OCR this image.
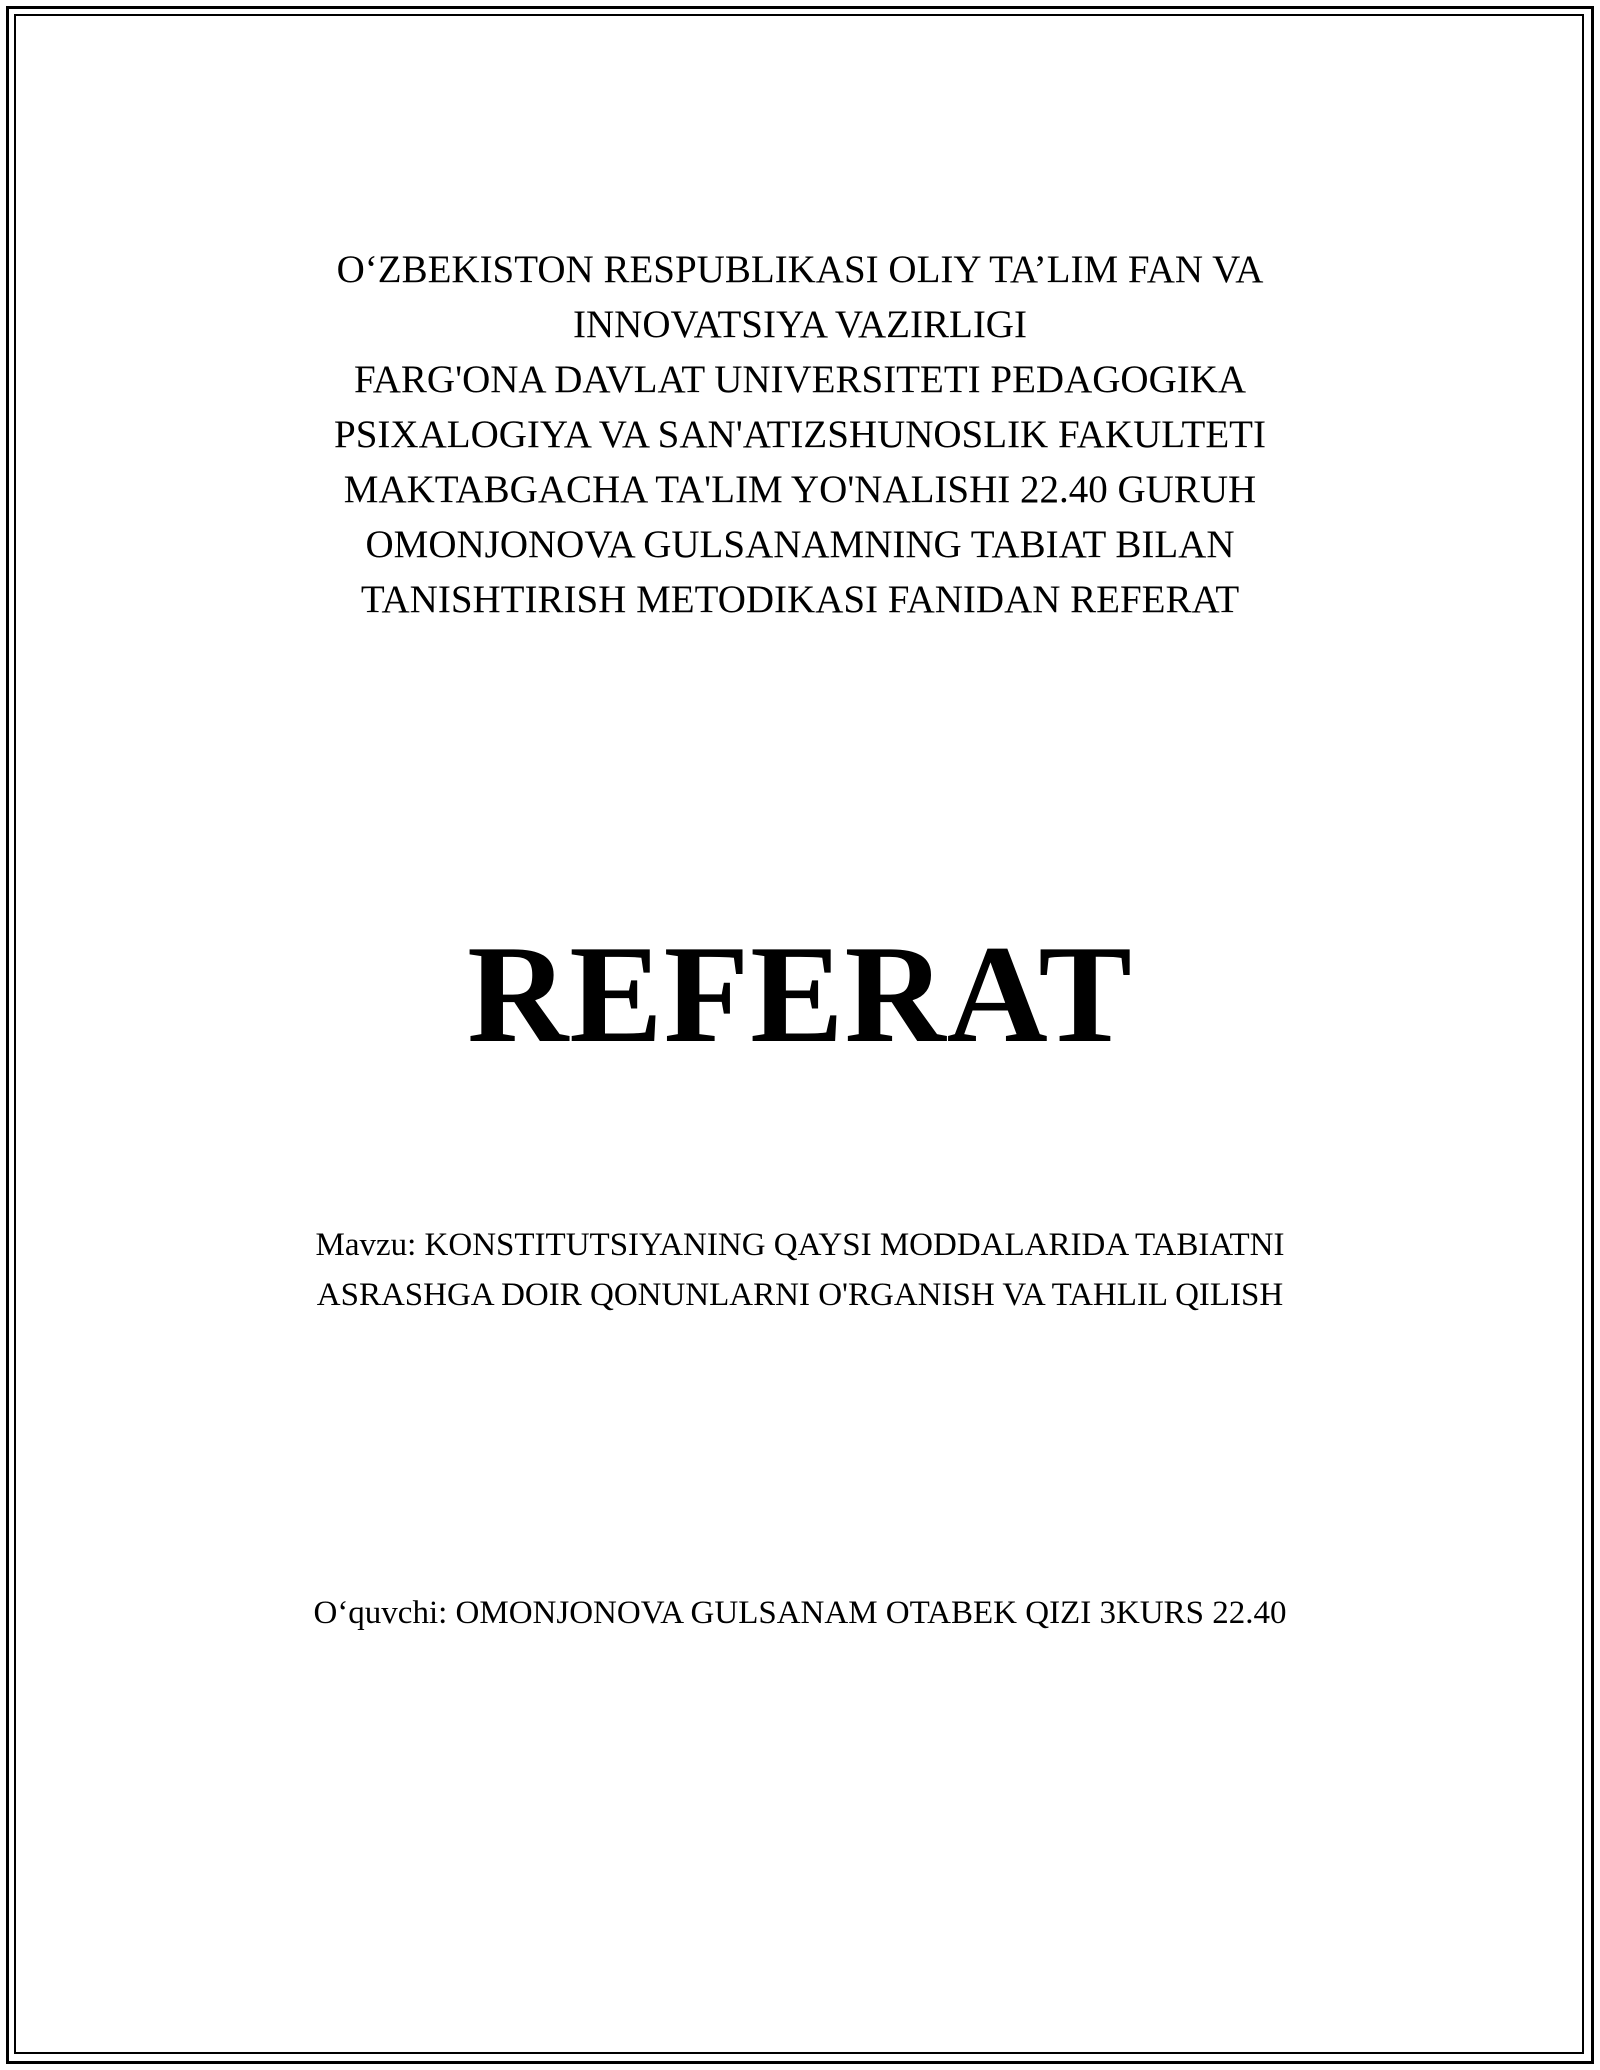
O‘ZBEKISTON RESPUBLIKASI OLIY TA’LIM FAN VA
INNOVATSIYA VAZIRLIGI
FARG'ONA DAVLAT UNIVERSITETI PEDAGOGIKA
PSIXALOGIYA VA SAN'ATIZSHUNOSLIK FAKULTETI
MAKTABGACHA TA'LIM YO'NALISHI 22.40 GURUH
OMONJONOVA GULSANAMNING TABIAT BILAN
TANISHTIRISH METODIKASI FANIDAN REFERAT
REFERAT
Mavzu: KONSTITUTSIYANING QAYSI MODDALARIDA TABIATNI
ASRASHGA DOIR QONUNLARNI O'RGANISH VA TAHLIL QILISH
O‘quvchi: OMONJONOVA GULSANAM OTABEK QIZI 3KURS 22.40
